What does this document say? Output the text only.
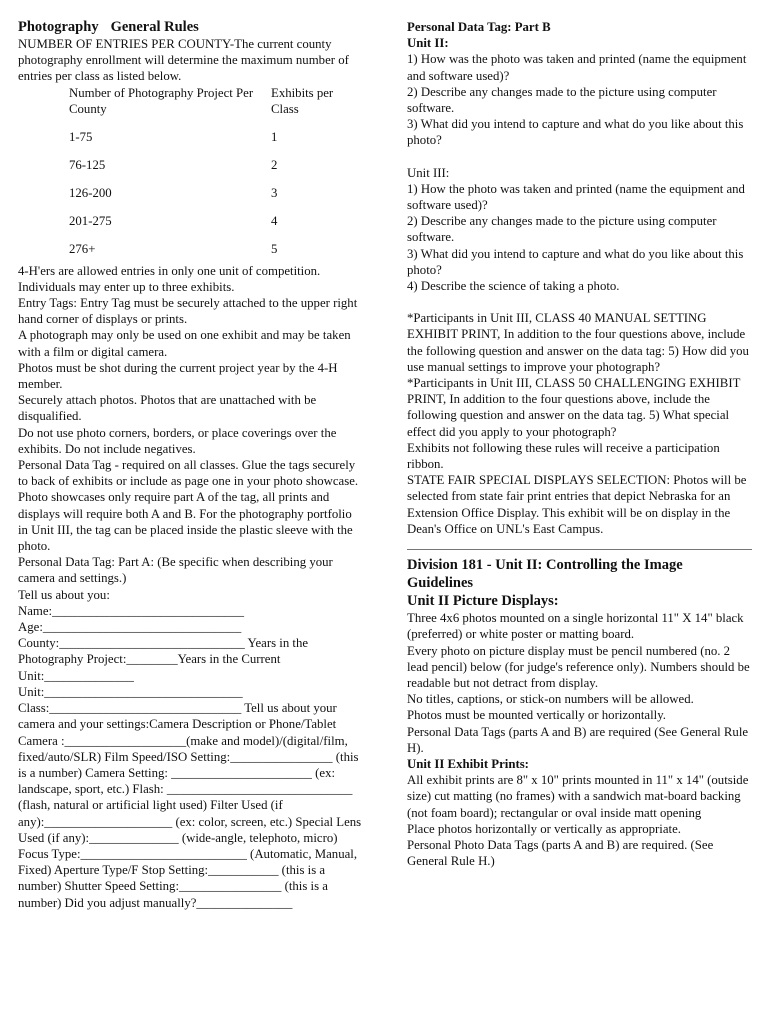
Photography General Rules

NUMBER OF ENTRIES PER COUNTY-The current county photography enrollment will determine the maximum number of entries per class as listed below.

Number of Photography Project Per County	Exhibits per Class
1-75	1
76-125	2
126-200	3
201-275	4
276+	5

4-H'ers are allowed entries in only one unit of competition. Individuals may enter up to three exhibits.

Entry Tags: Entry Tag must be securely attached to the upper right hand corner of displays or prints.

A photograph may only be used on one exhibit and may be taken with a film or digital camera.

Photos must be shot during the current project year by the 4-H member.

Securely attach photos. Photos that are unattached with be disqualified.

Do not use photo corners, borders, or place coverings over the exhibits. Do not include negatives.

Personal Data Tag - required on all classes. Glue the tags securely to back of exhibits or include as page one in your photo showcase. Photo showcases only require part A of the tag, all prints and displays will require both A and B. For the photography portfolio in Unit III, the tag can be placed inside the plastic sleeve with the photo.

Personal Data Tag: Part A: (Be specific when describing your camera and settings.)

Tell us about you:

Name:______________________________

Age:_______________________________

County:_____________________________ Years in the Photography Project:________Years in the Current Unit:______________

Unit:_______________________________

Class:______________________________ Tell us about your camera and your settings:Camera Description or Phone/Tablet Camera :___________________(make and model)/(digital/film, fixed/auto/SLR) Film Speed/ISO Setting:________________ (this is a number) Camera Setting: ______________________ (ex: landscape, sport, etc.) Flash: _____________________________ (flash, natural or artificial light used) Filter Used (if any):____________________ (ex: color, screen, etc.) Special Lens Used (if any):______________ (wide-angle, telephoto, micro) Focus Type:__________________________ (Automatic, Manual, Fixed) Aperture Type/F Stop Setting:___________ (this is a number) Shutter Speed Setting:________________ (this is a number) Did you adjust manually?_______________

Personal Data Tag: Part B

Unit II:

1) How was the photo was taken and printed (name the equipment and software used)?

2) Describe any changes made to the picture using computer software.

3) What did you intend to capture and what do you like about this photo?

Unit III:

1) How the photo was taken and printed (name the equipment and software used)?

2) Describe any changes made to the picture using computer software.

3) What did you intend to capture and what do you like about this photo?

4) Describe the science of taking a photo.

*Participants in Unit III, CLASS 40 MANUAL SETTING EXHIBIT PRINT, In addition to the four questions above, include the following question and answer on the data tag: 5) How did you use manual settings to improve your photograph?

*Participants in Unit III, CLASS 50 CHALLENGING EXHIBIT PRINT, In addition to the four questions above, include the following question and answer on the data tag. 5) What special effect did you apply to your photograph?

Exhibits not following these rules will receive a participation ribbon.

STATE FAIR SPECIAL DISPLAYS SELECTION: Photos will be selected from state fair print entries that depict Nebraska for an Extension Office Display. This exhibit will be on display in the Dean's Office on UNL's East Campus.

Division 181 - Unit II: Controlling the Image Guidelines

Unit II Picture Displays:

Three 4x6 photos mounted on a single horizontal 11" X 14" black (preferred) or white poster or matting board.

Every photo on picture display must be pencil numbered (no. 2 lead pencil) below (for judge's reference only). Numbers should be readable but not detract from display.

No titles, captions, or stick-on numbers will be allowed.

Photos must be mounted vertically or horizontally.

Personal Data Tags (parts A and B) are required (See General Rule H).

Unit II Exhibit Prints:

All exhibit prints are 8" x 10" prints mounted in 11" x 14" (outside size) cut matting (no frames) with a sandwich mat-board backing (not foam board); rectangular or oval inside matt opening

Place photos horizontally or vertically as appropriate.

Personal Photo Data Tags (parts A and B) are required. (See General Rule H.)
